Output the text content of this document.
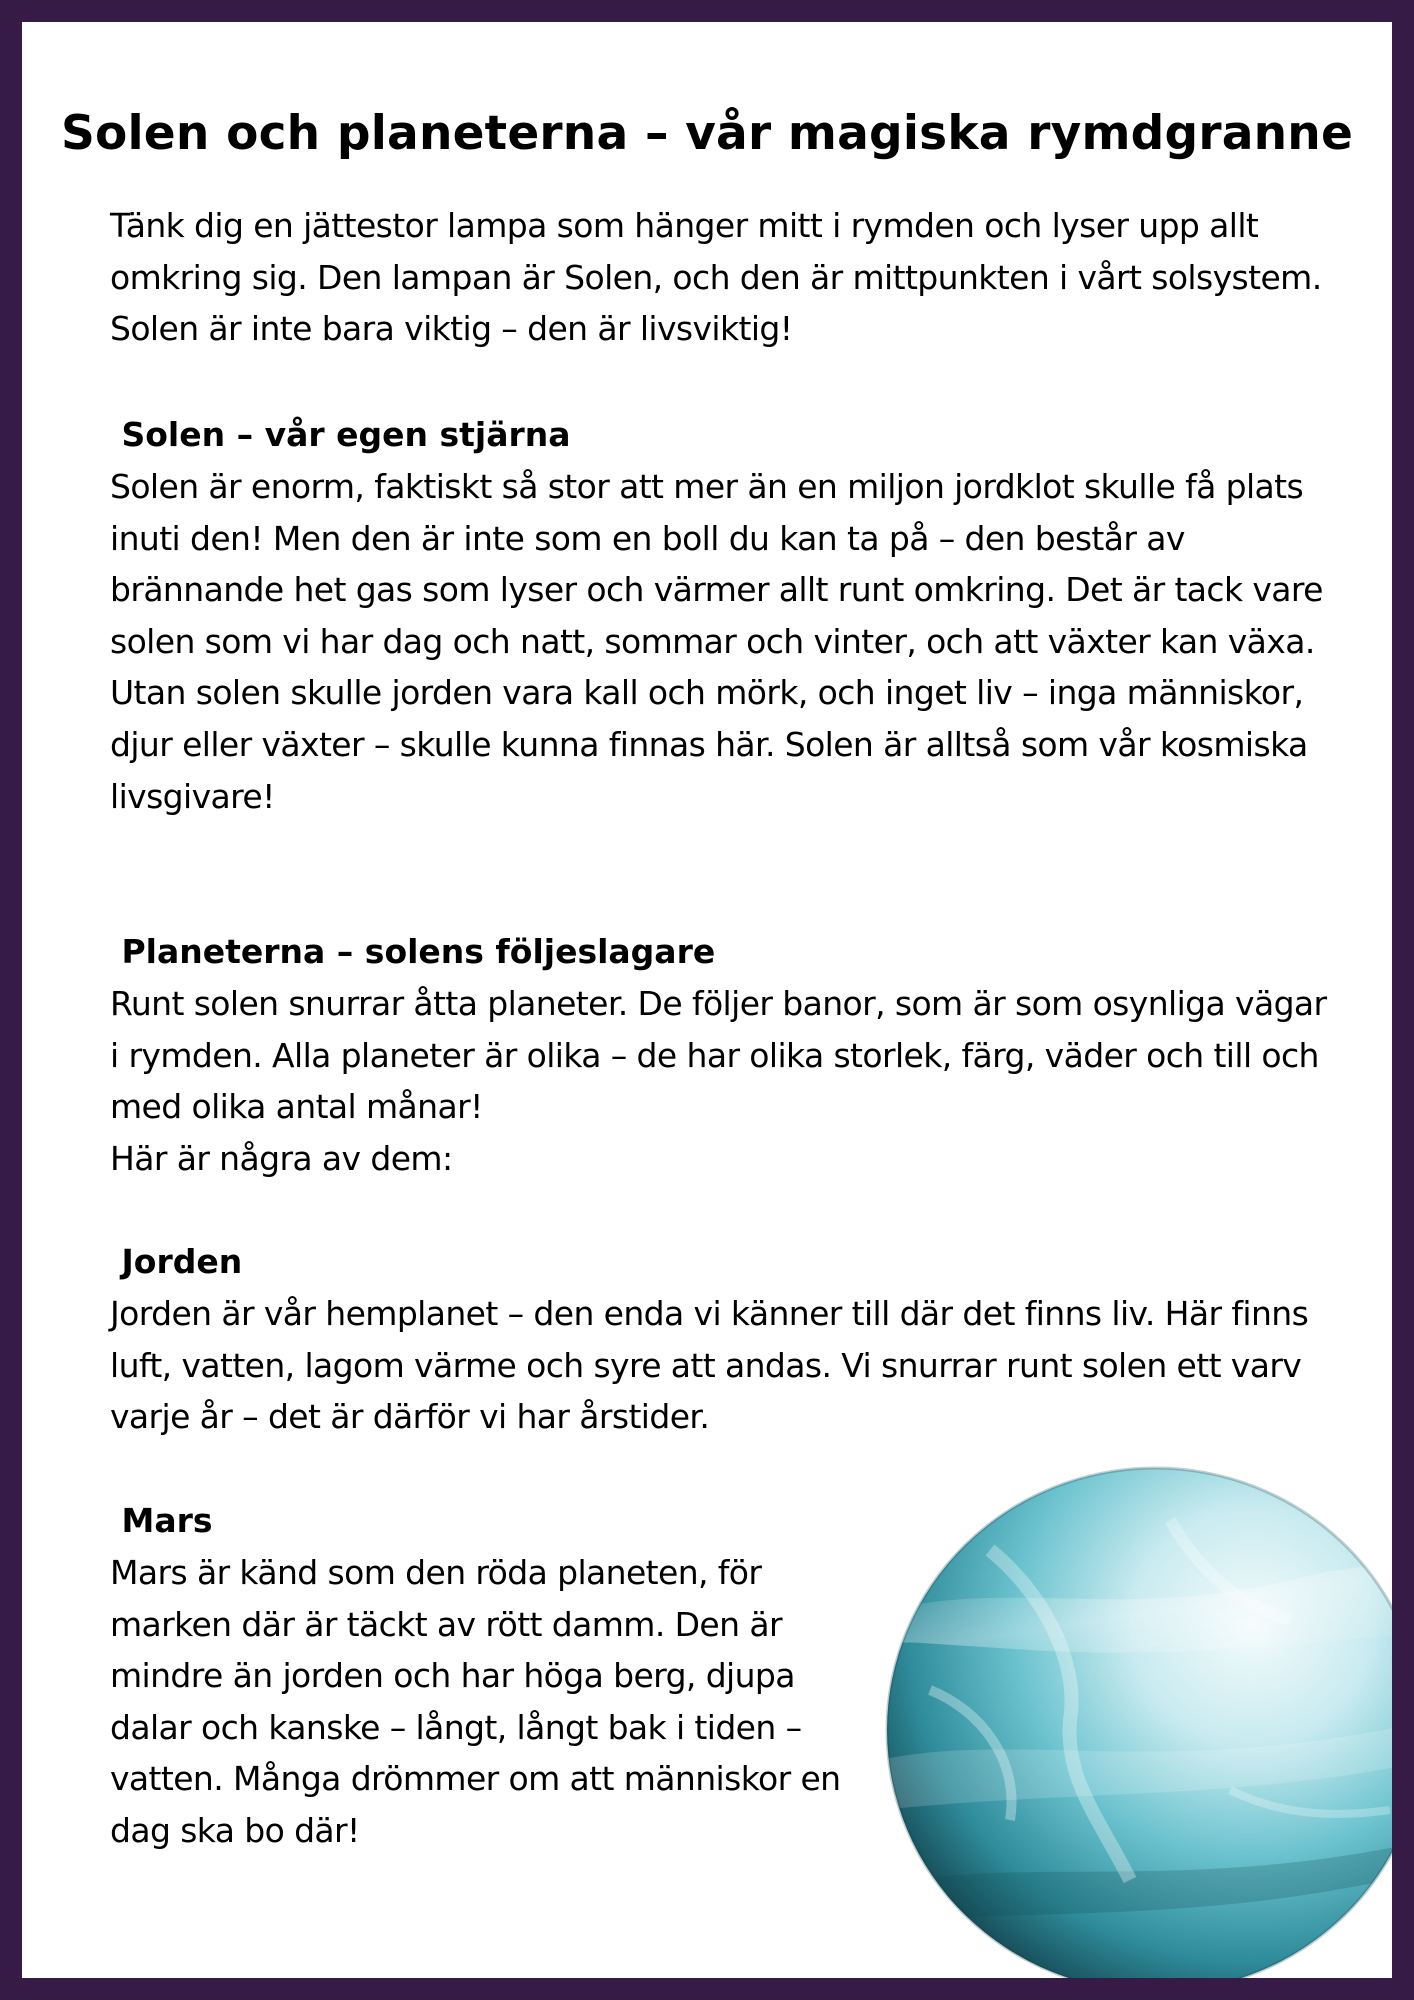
Solen och planeterna – vår magiska rymdgranne

Tänk dig en jättestor lampa som hänger mitt i rymden och lyser upp allt omkring sig. Den lampan är Solen, och den är mittpunkten i vårt solsystem. Solen är inte bara viktig – den är livsviktig!

Solen – vår egen stjärna

Solen är enorm, faktiskt så stor att mer än en miljon jordklot skulle få plats inuti den! Men den är inte som en boll du kan ta på – den består av brännande het gas som lyser och värmer allt runt omkring. Det är tack vare solen som vi har dag och natt, sommar och vinter, och att växter kan växa.

Utan solen skulle jorden vara kall och mörk, och inget liv – inga människor, djur eller växter – skulle kunna finnas här. Solen är alltså som vår kosmiska livsgivare!

Planeterna – solens följeslagare

Runt solen snurrar åtta planeter. De följer banor, som är som osynliga vägar i rymden. Alla planeter är olika – de har olika storlek, färg, väder och till och med olika antal månar!

Här är några av dem:

Jorden

Jorden är vår hemplanet – den enda vi känner till där det finns liv. Här finns luft, vatten, lagom värme och syre att andas. Vi snurrar runt solen ett varv varje år – det är därför vi har årstider.

Mars

Mars är känd som den röda planeten, för marken där är täckt av rött damm. Den är mindre än jorden och har höga berg, djupa dalar och kanske – långt, långt bak i tiden – vatten. Många drömmer om att människor en dag ska bo där!
